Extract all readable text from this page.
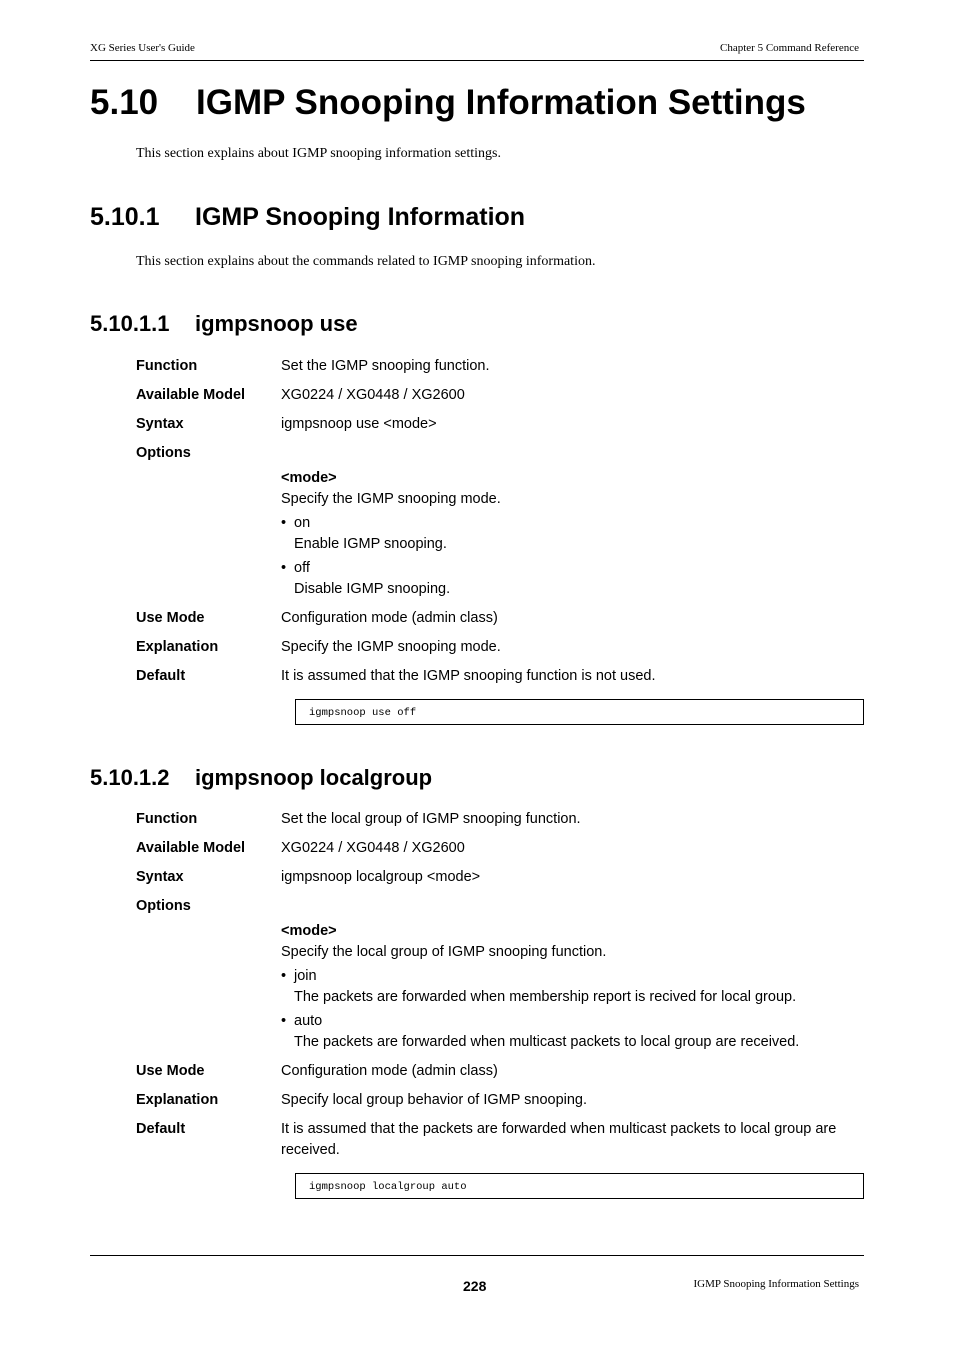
XG Series User's Guide	Chapter 5 Command Reference
5.10 IGMP Snooping Information Settings
This section explains about IGMP snooping information settings.
5.10.1 IGMP Snooping Information
This section explains about the commands related to IGMP snooping information.
5.10.1.1 igmpsnoop use
Function	Set the IGMP snooping function.
Available Model	XG0224 / XG0448 / XG2600
Syntax	igmpsnoop use <mode>
Options
<mode>
Specify the IGMP snooping mode.
• on
Enable IGMP snooping.
• off
Disable IGMP snooping.
Use Mode	Configuration mode (admin class)
Explanation	Specify the IGMP snooping mode.
Default	It is assumed that the IGMP snooping function is not used.
igmpsnoop use off
5.10.1.2 igmpsnoop localgroup
Function	Set the local group of IGMP snooping function.
Available Model	XG0224 / XG0448 / XG2600
Syntax	igmpsnoop localgroup <mode>
Options
<mode>
Specify the local group of IGMP snooping function.
• join
The packets are forwarded when membership report is recived for local group.
• auto
The packets are forwarded when multicast packets to local group are received.
Use Mode	Configuration mode (admin class)
Explanation	Specify local group behavior of IGMP snooping.
Default	It is assumed that the packets are forwarded when multicast packets to local group are received.
igmpsnoop localgroup auto
228	IGMP Snooping Information Settings
